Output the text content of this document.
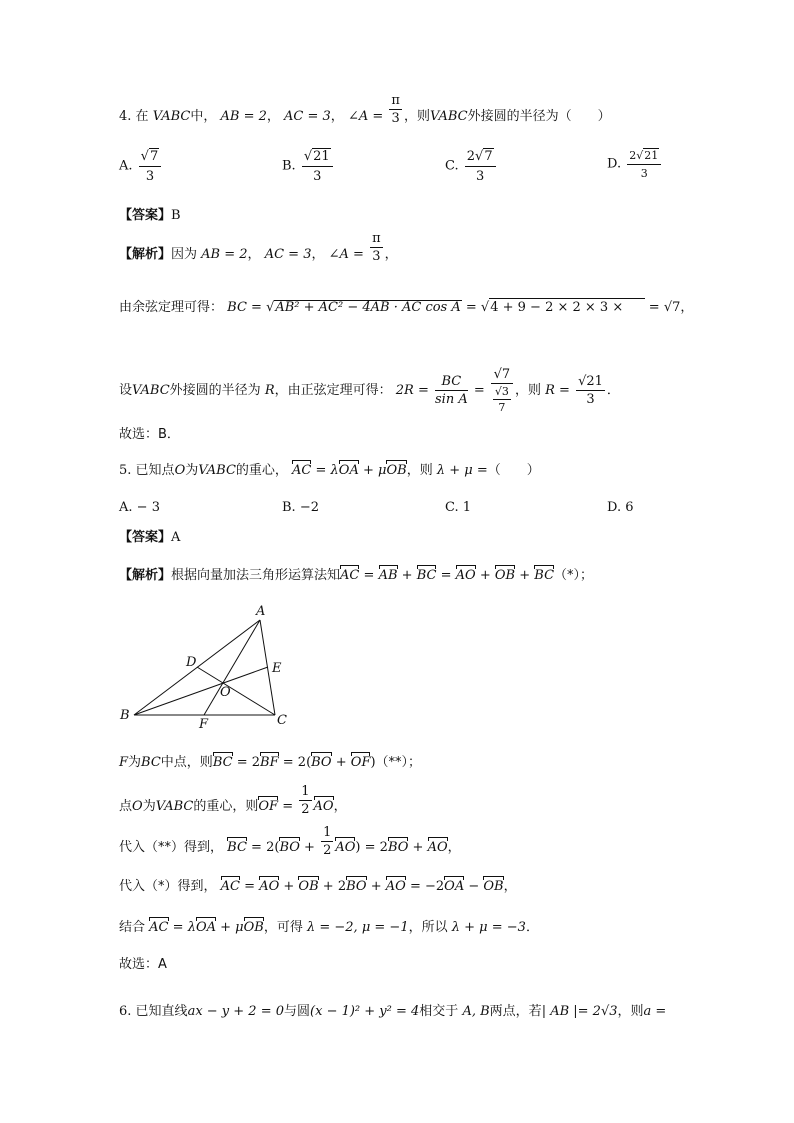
4. 在 VABC中， AB = 2， AC = 3， ∠A = $\frac{\pi}{3}$ ，则VABC外接圆的半径为（　　）
A. $\frac{√7}{3}$	B. $\frac{√21}{3}$	C. $\frac{2√7}{3}$	D. $\frac{2√21}{3}$
【答案】B
【解析】因为 AB = 2， AC = 3， ∠A = $\frac{\pi}{3}$ ，
由余弦定理可得： BC = √AB² + AC² − 4AB · AC cos A = √4 + 9 − 2 × 2 × 3 × = √7，
设VABC外接圆的半径为 R，由正弦定理可得： $2R = \frac{BC}{\text{sin A}} = \frac{√7}{\frac{√3}{7}}$ ，则 $R = \frac{√21}{3}$ ．
故选：B．
5. 已知点O为VABC的重心， AC = λOA + μOB，则 λ + μ =（　　）
A. − 3	B. −2	C. 1	D. 6
【答案】A
【解析】根据向量加法三角形运算法知AC = AB + BC = AO + OB + BC（*）；
A
B	C
D	E
F
O
F为BC中点，则BC = 2BF = 2(BO + OF)（**）；
点O为VABC的重心，则OF = $\frac{1}{2}$ AO，
代入（**）得到， BC = $2(BO + \frac{1}{2} AO) = 2BO$ + AO，
代入（*）得到， AC = AO + OB + 2BO + AO = −2OA − OB，
结合 AC = λOA + μOB，可得 λ = −2, μ = −1，所以 λ + μ = −3．
故选：A
6. 已知直线ax − y + 2 = 0与圆(x − 1)² + y² = 4相交于 A, B两点，若| AB |= 2√3，则a =
